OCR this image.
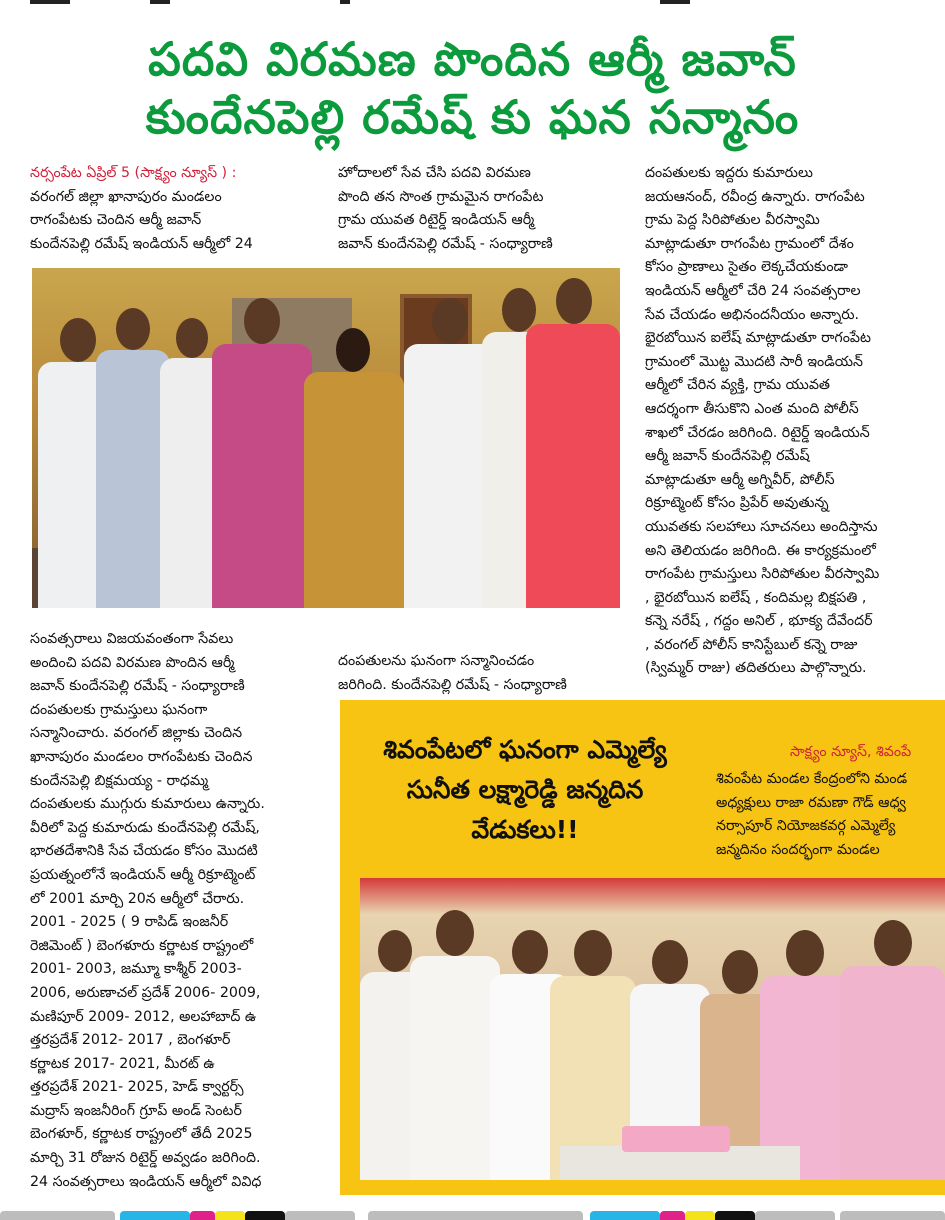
పదవి విరమణ పొందిన ఆర్మీ జవాన్
కుందేనపెల్లి రమేష్ కు ఘన సన్మానం

నర్సంపేట ఏప్రిల్ 5 (సాక్ష్యం న్యూస్ ) :

వరంగల్ జిల్లా ఖానాపురం మండలం

రాగంపేటకు చెందిన ఆర్మీ జవాన్

కుందేనపెల్లి రమేష్ ఇండియన్ ఆర్మీలో 24

హోదాలలో సేవ చేసి పదవి విరమణ

పొంది తన సొంత గ్రామమైన రాగంపేట

గ్రామ యువత రిటైర్డ్ ఇండియన్ ఆర్మీ

జవాన్ కుందేనపెల్లి రమేష్ - సంధ్యారాణి

దంపతులకు ఇద్దరు కుమారులు

జయఆనంద్, రవీంద్ర ఉన్నారు. రాగంపేట

గ్రామ పెద్ద సిరిపోతుల వీరస్వామి

మాట్లాడుతూ రాగంపేట గ్రామంలో దేశం

కోసం ప్రాణాలు సైతం లెక్కచేయకుండా

ఇండియన్ ఆర్మీలో చేరి 24 సంవత్సరాల

సేవ చేయడం అభినందనీయం అన్నారు.

భైరబోయిన ఐలేష్ మాట్లాడుతూ రాగంపేట

గ్రామంలో మొట్ట మొదటి సారీ ఇండియన్

ఆర్మీలో చేరిన వ్యక్తి, గ్రామ యువత

ఆదర్శంగా తీసుకొని ఎంత మంది పోలీస్

శాఖలో చేరడం జరిగింది. రిటైర్డ్ ఇండియన్

ఆర్మీ జవాన్ కుందేనపెల్లి రమేష్

మాట్లాడుతూ ఆర్మీ అగ్నివీర్, పోలీస్

రిక్రూట్మెంట్ కోసం ప్రిపేర్ అవుతున్న

యువతకు సలహాలు సూచనలు అందిస్తాను

అని తెలియడం జరిగింది. ఈ కార్యక్రమంలో

రాగంపేట గ్రామస్తులు సిరిపోతుల వీరస్వామి

, భైరబోయిన ఐలేష్ , కందిమల్ల బిక్షపతి ,

కన్నె నరేష్ , గద్దం అనిల్ , భూక్య దేవేందర్

, వరంగల్ పోలీస్ కానిస్టేబుల్ కన్నె రాజు

(స్విమ్మర్ రాజు) తదితరులు పాల్గొన్నారు.

సంవత్సరాలు విజయవంతంగా సేవలు

అందించి పదవి విరమణ పొందిన ఆర్మీ

జవాన్ కుందేనపెల్లి రమేష్ - సంధ్యారాణి

దంపతులకు గ్రామస్తులు ఘనంగా

సన్మానించారు. వరంగల్ జిల్లాకు చెందిన

ఖానాపురం మండలం రాగంపేటకు చెందిన

కుందేనపెల్లి బిక్షమయ్య - రాధమ్మ

దంపతులకు ముగ్గురు కుమారులు ఉన్నారు.

వీరిలో పెద్ద కుమారుడు కుందేనపెల్లి రమేష్,

భారతదేశానికి సేవ చేయడం కోసం మొదటి

ప్రయత్నంలోనే ఇండియన్ ఆర్మీ రిక్రూట్మెంట్

లో 2001 మార్చి 20న ఆర్మీలో చేరారు.

2001 - 2025 ( 9 రాపిడ్ ఇంజనీర్

రెజిమెంట్ ) బెంగళూరు కర్ణాటక రాష్ట్రంలో

2001- 2003, జమ్మూ కాశ్మీర్ 2003-

2006, అరుణాచల్ ప్రదేశ్ 2006- 2009,

మణిపూర్ 2009- 2012, అలహాబాద్ ఉ

త్తరప్రదేశ్ 2012- 2017 , బెంగళూర్

కర్ణాటక 2017- 2021, మీరట్ ఉ

త్తరప్రదేశ్ 2021- 2025, హెడ్ క్వార్టర్స్

మద్రాస్ ఇంజనీరింగ్ గ్రూప్ అండ్ సెంటర్

బెంగళూర్, కర్ణాటక రాష్ట్రంలో తేదీ 2025

మార్చి 31 రోజున రిటైర్డ్ అవ్వడం జరిగింది.

24 సంవత్సరాలు ఇండియన్ ఆర్మీలో వివిధ

దంపతులను ఘనంగా సన్మానించడం

జరిగింది. కుందేనపెల్లి రమేష్ - సంధ్యారాణి

శివంపేటలో ఘనంగా ఎమ్మెల్యే
సునీత లక్ష్మారెడ్డి జన్మదిన
వేడుకలు!!
సాక్ష్యం న్యూస్, శివంపే
శివంపేట మండల కేంద్రంలోని మండ
అధ్యక్షులు రాజా రమణా గౌడ్ ఆధ్వ
నర్సాపూర్ నియోజకవర్గ ఎమ్మెల్యే
జన్మదినం సందర్భంగా మండల
